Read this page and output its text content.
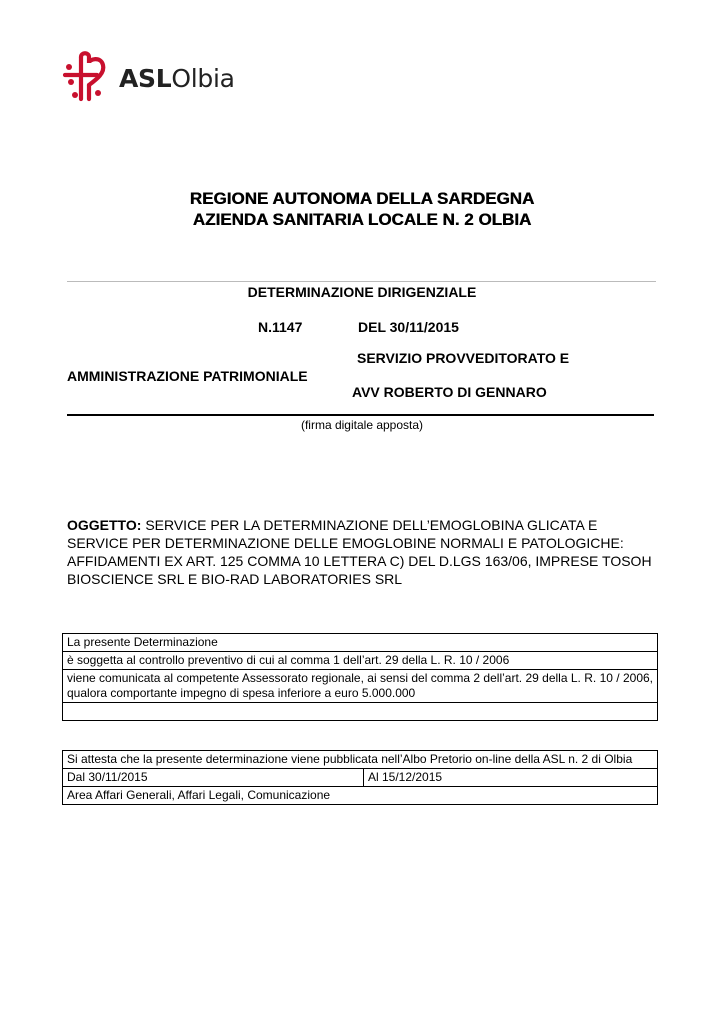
ASLOlbia
REGIONE AUTONOMA DELLA SARDEGNA
AZIENDA SANITARIA LOCALE N. 2 OLBIA
DETERMINAZIONE DIRIGENZIALE
N.1147	DEL 30/11/2015
SERVIZIO PROVVEDITORATO E
AMMINISTRAZIONE PATRIMONIALE
AVV ROBERTO DI GENNARO
(firma digitale apposta)
OGGETTO: SERVICE PER LA DETERMINAZIONE DELL’EMOGLOBINA GLICATA E SERVICE PER DETERMINAZIONE DELLE EMOGLOBINE NORMALI E PATOLOGICHE: AFFIDAMENTI EX ART. 125 COMMA 10 LETTERA C) DEL D.LGS 163/06, IMPRESE TOSOH BIOSCIENCE SRL E BIO-RAD LABORATORIES SRL
La presente Determinazione
è soggetta al controllo preventivo di cui al comma 1 dell’art. 29 della L. R. 10 / 2006
viene comunicata al competente Assessorato regionale, ai sensi del comma 2 dell’art. 29 della L. R. 10 / 2006, qualora comportante impegno di spesa inferiore a euro 5.000.000

Si attesta che la presente determinazione viene pubblicata nell’Albo Pretorio on-line della ASL n. 2 di Olbia
Dal 30/11/2015	Al 15/12/2015
Area Affari Generali, Affari Legali, Comunicazione
